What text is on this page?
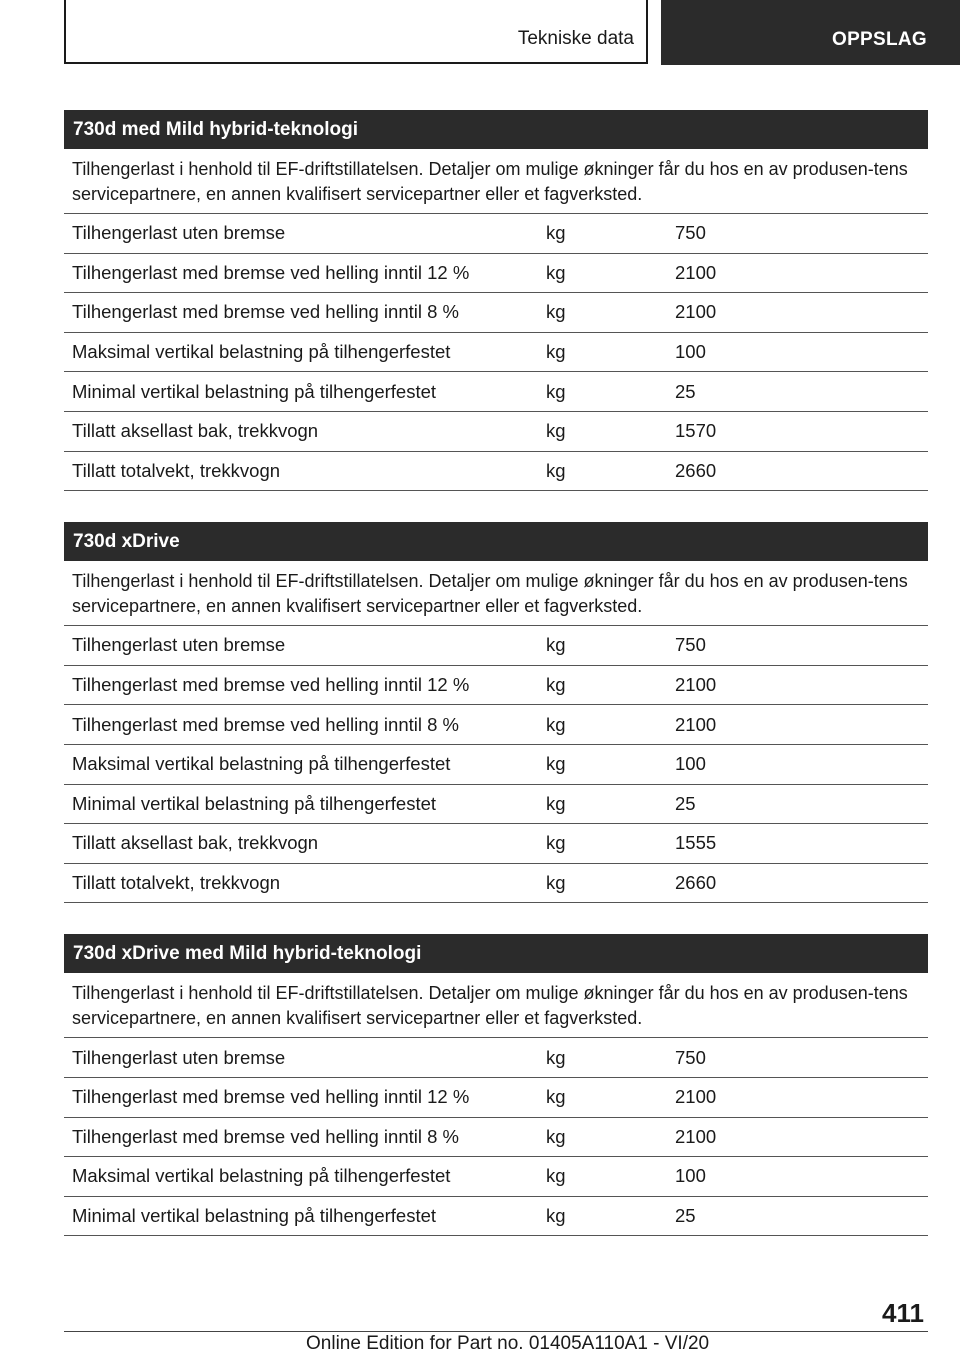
Tekniske data	OPPSLAG
730d med Mild hybrid-teknologi
Tilhengerlast i henhold til EF-driftstillatelsen. Detaljer om mulige økninger får du hos en av produsen-tens servicepartnere, en annen kvalifisert servicepartner eller et fagverksted.
Tilhengerlast uten bremse	kg	750
Tilhengerlast med bremse ved helling inntil 12 %	kg	2100
Tilhengerlast med bremse ved helling inntil 8 %	kg	2100
Maksimal vertikal belastning på tilhengerfestet	kg	100
Minimal vertikal belastning på tilhengerfestet	kg	25
Tillatt aksellast bak, trekkvogn	kg	1570
Tillatt totalvekt, trekkvogn	kg	2660
730d xDrive
Tilhengerlast i henhold til EF-driftstillatelsen. Detaljer om mulige økninger får du hos en av produsen-tens servicepartnere, en annen kvalifisert servicepartner eller et fagverksted.
Tilhengerlast uten bremse	kg	750
Tilhengerlast med bremse ved helling inntil 12 %	kg	2100
Tilhengerlast med bremse ved helling inntil 8 %	kg	2100
Maksimal vertikal belastning på tilhengerfestet	kg	100
Minimal vertikal belastning på tilhengerfestet	kg	25
Tillatt aksellast bak, trekkvogn	kg	1555
Tillatt totalvekt, trekkvogn	kg	2660
730d xDrive med Mild hybrid-teknologi
Tilhengerlast i henhold til EF-driftstillatelsen. Detaljer om mulige økninger får du hos en av produsen-tens servicepartnere, en annen kvalifisert servicepartner eller et fagverksted.
Tilhengerlast uten bremse	kg	750
Tilhengerlast med bremse ved helling inntil 12 %	kg	2100
Tilhengerlast med bremse ved helling inntil 8 %	kg	2100
Maksimal vertikal belastning på tilhengerfestet	kg	100
Minimal vertikal belastning på tilhengerfestet	kg	25
411
Online Edition for Part no. 01405A110A1 - VI/20
